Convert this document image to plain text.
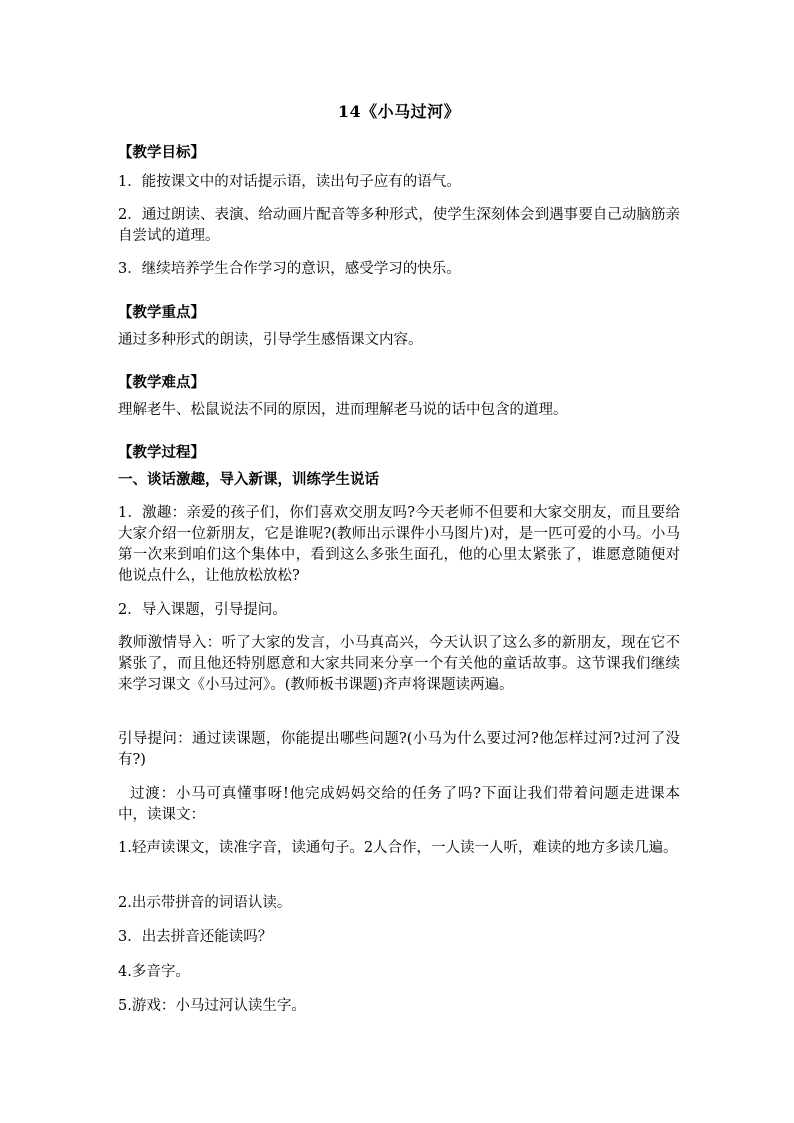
14《小马过河》

【教学目标】

1．能按课文中的对话提示语，读出句子应有的语气。

2．通过朗读、表演、给动画片配音等多种形式，使学生深刻体会到遇事要自己动脑筋亲自尝试的道理。

3．继续培养学生合作学习的意识，感受学习的快乐。

【教学重点】

通过多种形式的朗读，引导学生感悟课文内容。

【教学难点】

理解老牛、松鼠说法不同的原因，进而理解老马说的话中包含的道理。

【教学过程】

一、谈话激趣，导入新课，训练学生说话

1．激趣：亲爱的孩子们，你们喜欢交朋友吗?今天老师不但要和大家交朋友，而且要给大家介绍一位新朋友，它是谁呢?(教师出示课件小马图片)对，是一匹可爱的小马。小马第一次来到咱们这个集体中，看到这么多张生面孔，他的心里太紧张了，谁愿意随便对他说点什么，让他放松放松?

2．导入课题，引导提问。

教师激情导入：听了大家的发言，小马真高兴，今天认识了这么多的新朋友，现在它不紧张了，而且他还特别愿意和大家共同来分享一个有关他的童话故事。这节课我们继续来学习课文《小马过河》。(教师板书课题)齐声将课题读两遍。

引导提问：通过读课题，你能提出哪些问题?(小马为什么要过河?他怎样过河?过河了没有?)

过渡：小马可真懂事呀!他完成妈妈交给的任务了吗?下面让我们带着问题走进课本中，读课文：

1.轻声读课文，读准字音，读通句子。2人合作，一人读一人听，难读的地方多读几遍。

2.出示带拼音的词语认读。

3．出去拼音还能读吗？

4.多音字。

5.游戏：小马过河认读生字。
